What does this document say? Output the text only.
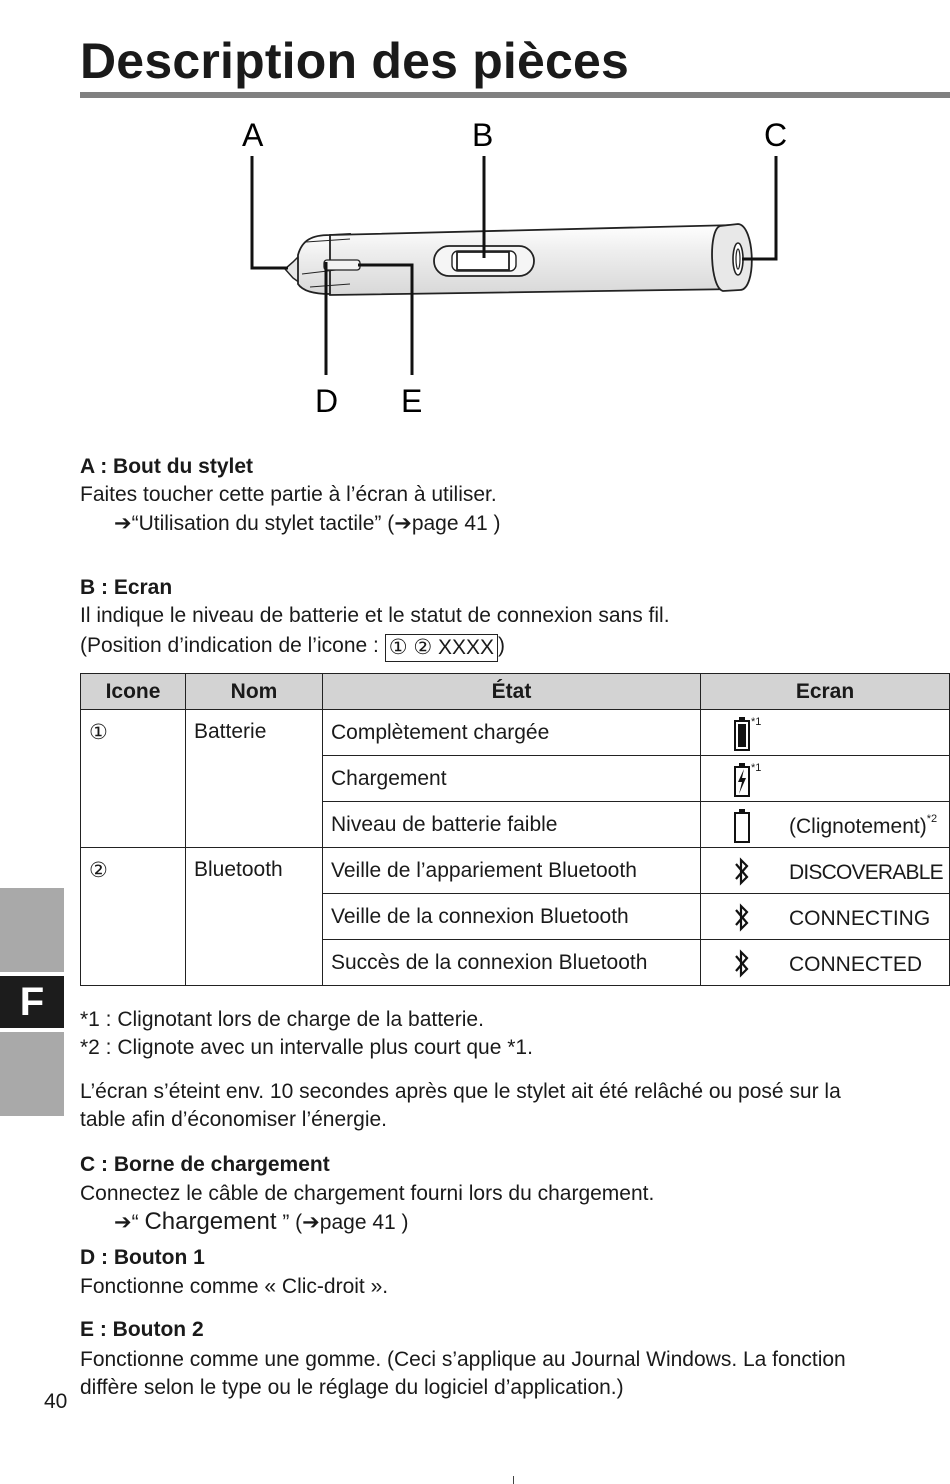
Description des pièces
A	B	C
D E
A : Bout du stylet
Faites toucher cette partie à l’écran à utiliser.
➔“Utilisation du stylet tactile” (➔page 41 )
B : Ecran
Il indique le niveau de batterie et le statut de connexion sans fil.
(Position d’indication de l’icone : ① ② XXXX )
Icone	Nom	État	Ecran
①	Batterie	Complètement chargée	*1

		Chargement	*1

		Niveau de batterie faible	(Clignotement)$^{*2}$

②	Bluetooth	Veille de l’appariement Bluetooth	DISCOVERABLE

		Veille de la connexion Bluetooth	CONNECTING

		Succès de la connexion Bluetooth	CONNECTED
*1 : Clignotant lors de charge de la batterie.
*2 : Clignote avec un intervalle plus court que *1.
L’écran s’éteint env. 10 secondes après que le stylet ait été relâché ou posé sur la
table afin d’économiser l’énergie.
C : Borne de chargement
Connectez le câble de chargement fourni lors du chargement.
➔“ Chargement ” (➔page 41 )
D : Bouton 1
Fonctionne comme « Clic-droit ».
E : Bouton 2
Fonctionne comme une gomme. (Ceci s’applique au Journal Windows. La fonction
diffère selon le type ou le réglage du logiciel d’application.)
F
40
